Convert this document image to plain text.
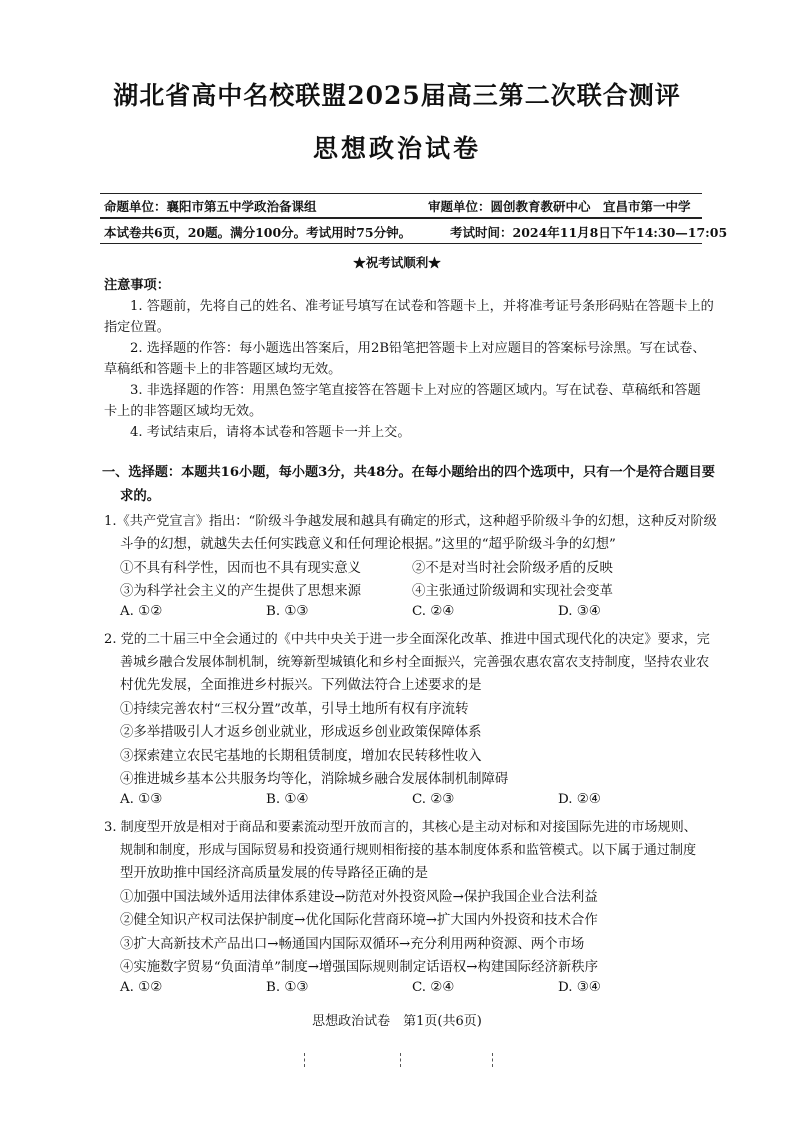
湖北省高中名校联盟2025届高三第二次联合测评
思想政治试卷
命题单位：襄阳市第五中学政治备课组	审题单位：圆创教育教研中心　宜昌市第一中学
本试卷共6页，20题。满分100分。考试用时75分钟。	考试时间：2024年11月8日下午14:30—17:05
★祝考试顺利★
注意事项：
1. 答题前，先将自己的姓名、准考证号填写在试卷和答题卡上，并将准考证号条形码贴在答题卡上的
指定位置。
2. 选择题的作答：每小题选出答案后，用2B铅笔把答题卡上对应题目的答案标号涂黑。写在试卷、
草稿纸和答题卡上的非答题区域均无效。
3. 非选择题的作答：用黑色签字笔直接答在答题卡上对应的答题区域内。写在试卷、草稿纸和答题
卡上的非答题区域均无效。
4. 考试结束后，请将本试卷和答题卡一并上交。
一、选择题：本题共16小题，每小题3分，共48分。在每小题给出的四个选项中，只有一个是符合题目要
求的。
1.《共产党宣言》指出：“阶级斗争越发展和越具有确定的形式，这种超乎阶级斗争的幻想，这种反对阶级
斗争的幻想，就越失去任何实践意义和任何理论根据。”这里的“超乎阶级斗争的幻想”
①不具有科学性，因而也不具有现实意义	②不是对当时社会阶级矛盾的反映
③为科学社会主义的产生提供了思想来源	④主张通过阶级调和实现社会变革
A. ①②	B. ①③	C. ②④	D. ③④
2. 党的二十届三中全会通过的《中共中央关于进一步全面深化改革、推进中国式现代化的决定》要求，完
善城乡融合发展体制机制，统筹新型城镇化和乡村全面振兴，完善强农惠农富农支持制度，坚持农业农
村优先发展，全面推进乡村振兴。下列做法符合上述要求的是
①持续完善农村“三权分置”改革，引导土地所有权有序流转
②多举措吸引人才返乡创业就业，形成返乡创业政策保障体系
③探索建立农民宅基地的长期租赁制度，增加农民转移性收入
④推进城乡基本公共服务均等化，消除城乡融合发展体制机制障碍
A. ①③	B. ①④	C. ②③	D. ②④
3. 制度型开放是相对于商品和要素流动型开放而言的，其核心是主动对标和对接国际先进的市场规则、
规制和制度，形成与国际贸易和投资通行规则相衔接的基本制度体系和监管模式。以下属于通过制度
型开放助推中国经济高质量发展的传导路径正确的是
①加强中国法域外适用法律体系建设→防范对外投资风险→保护我国企业合法利益
②健全知识产权司法保护制度→优化国际化营商环境→扩大国内外投资和技术合作
③扩大高新技术产品出口→畅通国内国际双循环→充分利用两种资源、两个市场
④实施数字贸易“负面清单”制度→增强国际规则制定话语权→构建国际经济新秩序
A. ①②	B. ①③	C. ②④	D. ③④
思想政治试卷　第1页(共6页)
